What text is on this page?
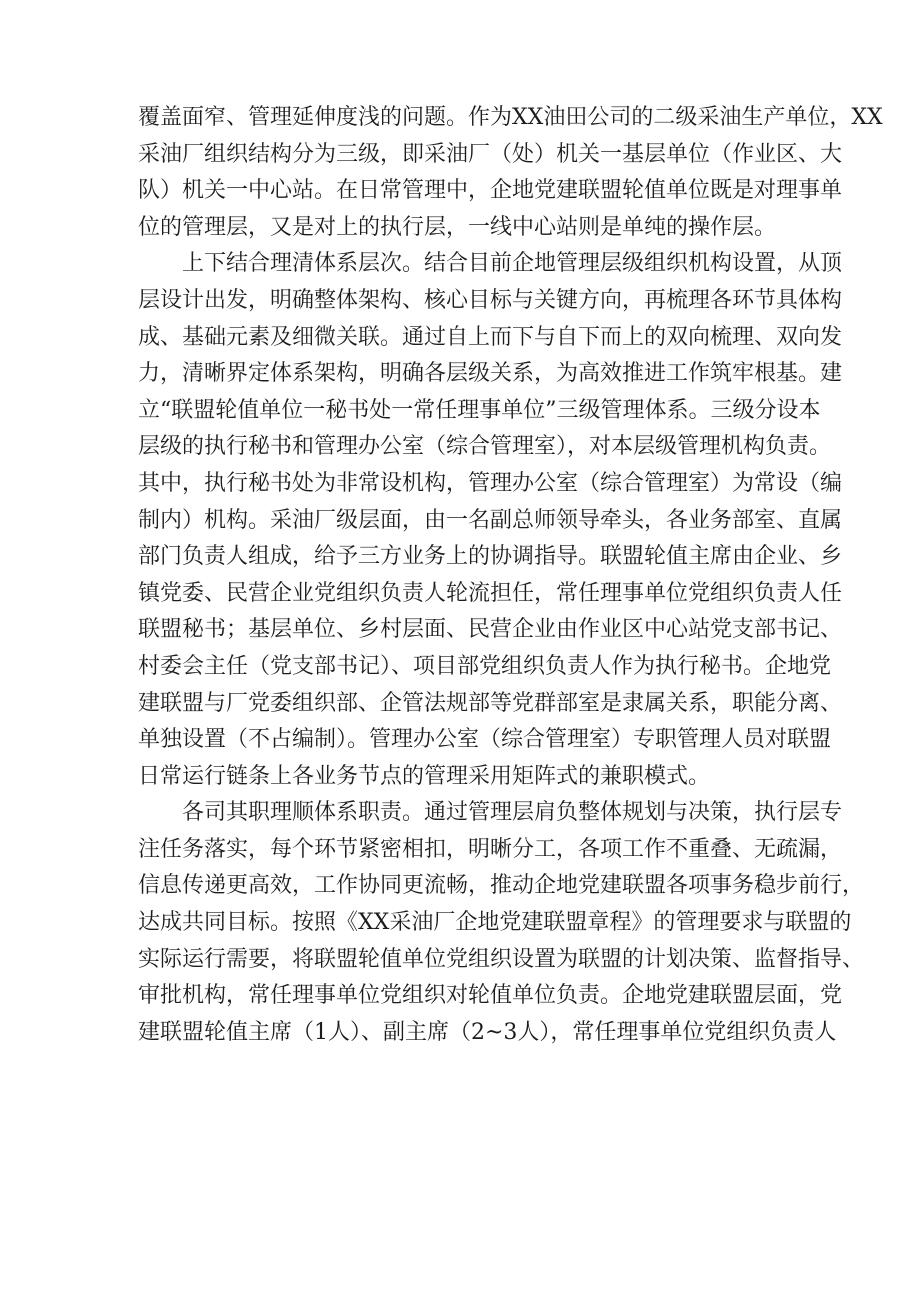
覆盖面窄、管理延伸度浅的问题。作为XX油田公司的二级采油生产单位，XX
采油厂组织结构分为三级，即采油厂（处）机关一基层单位（作业区、大
队）机关一中心站。在日常管理中，企地党建联盟轮值单位既是对理事单
位的管理层，又是对上的执行层，一线中心站则是单纯的操作层。

上下结合理清体系层次。结合目前企地管理层级组织机构设置，从顶
层设计出发，明确整体架构、核心目标与关键方向，再梳理各环节具体构
成、基础元素及细微关联。通过自上而下与自下而上的双向梳理、双向发
力，清晰界定体系架构，明确各层级关系，为高效推进工作筑牢根基。建
立“联盟轮值单位一秘书处一常任理事单位”三级管理体系。三级分设本
层级的执行秘书和管理办公室（综合管理室），对本层级管理机构负责。
其中，执行秘书处为非常设机构，管理办公室（综合管理室）为常设（编
制内）机构。采油厂级层面，由一名副总师领导牵头，各业务部室、直属
部门负责人组成，给予三方业务上的协调指导。联盟轮值主席由企业、乡
镇党委、民营企业党组织负责人轮流担任，常任理事单位党组织负责人任
联盟秘书；基层单位、乡村层面、民营企业由作业区中心站党支部书记、
村委会主任（党支部书记）、项目部党组织负责人作为执行秘书。企地党
建联盟与厂党委组织部、企管法规部等党群部室是隶属关系，职能分离、
单独设置（不占编制）。管理办公室（综合管理室）专职管理人员对联盟
日常运行链条上各业务节点的管理采用矩阵式的兼职模式。

各司其职理顺体系职责。通过管理层肩负整体规划与决策，执行层专
注任务落实，每个环节紧密相扣，明晰分工，各项工作不重叠、无疏漏，
信息传递更高效，工作协同更流畅，推动企地党建联盟各项事务稳步前行，
达成共同目标。按照《XX采油厂企地党建联盟章程》的管理要求与联盟的
实际运行需要，将联盟轮值单位党组织设置为联盟的计划决策、监督指导、
审批机构，常任理事单位党组织对轮值单位负责。企地党建联盟层面，党
建联盟轮值主席（1人）、副主席（2~3人），常任理事单位党组织负责人
